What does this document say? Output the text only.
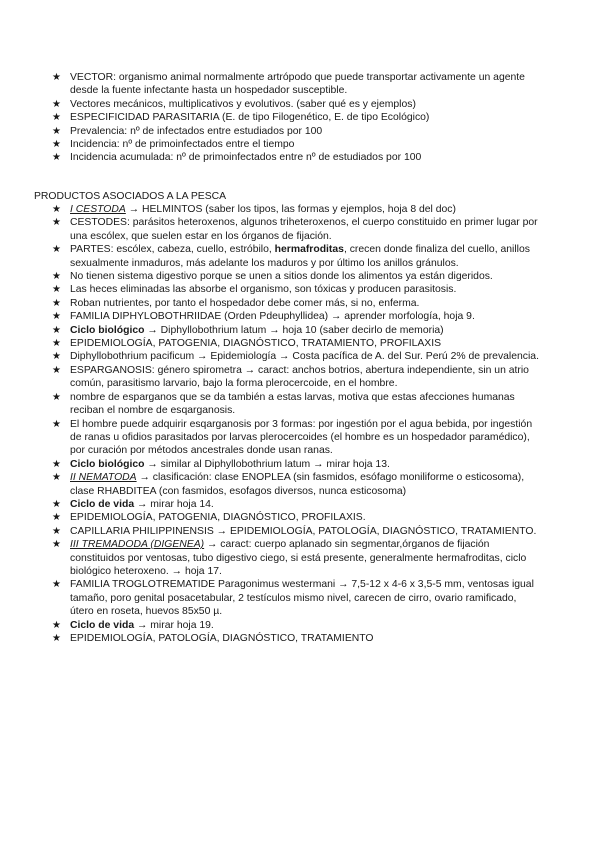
★ VECTOR: organismo animal normalmente artrópodo que puede transportar activamente un agente desde la fuente infectante hasta un hospedador susceptible.
★ Vectores mecánicos, multiplicativos y evolutivos. (saber qué es y ejemplos)
★ ESPECIFICIDAD PARASITARIA (E. de tipo Filogenético, E. de tipo Ecológico)
★ Prevalencia: nº de infectados entre estudiados por 100
★ Incidencia: nº de primoinfectados entre el tiempo
★ Incidencia acumulada: nº de primoinfectados entre nº de estudiados por 100
PRODUCTOS ASOCIADOS A LA PESCA
★ I CESTODA → HELMINTOS (saber los tipos, las formas y ejemplos, hoja 8 del doc)
★ CESTODES: parásitos heteroxenos, algunos triheteroxenos, el cuerpo constituido en primer lugar por una escólex, que suelen estar en los órganos de fijación.
★ PARTES: escólex, cabeza, cuello, estróbilo, hermafroditas, crecen donde finaliza del cuello, anillos sexualmente inmaduros, más adelante los maduros y por último los anillos gránulos.
★ No tienen sistema digestivo porque se unen a sitios donde los alimentos ya están digeridos.
★ Las heces eliminadas las absorbe el organismo, son tóxicas y producen parasitosis.
★ Roban nutrientes, por tanto el hospedador debe comer más, si no, enferma.
★ FAMILIA DIPHYLOBOTHRIIDAE (Orden Pdeuphyllidea) → aprender morfología, hoja 9.
★ Ciclo biológico → Diphyllobothrium latum → hoja 10 (saber decirlo de memoria)
★ EPIDEMIOLOGÍA, PATOGENIA, DIAGNÓSTICO, TRATAMIENTO, PROFILAXIS
★ Diphyllobothrium pacificum → Epidemiología → Costa pacífica de A. del Sur. Perú 2% de prevalencia.
★ ESPARGANOSIS: género spirometra → caract: anchos botrios, abertura independiente, sin un atrio común, parasitismo larvario, bajo la forma plerocercoide, en el hombre.
★ nombre de esparganos que se da también a estas larvas, motiva que estas afecciones humanas reciban el nombre de esqarganosis.
★ El hombre puede adquirir esqarganosis por 3 formas: por ingestión por el agua bebida, por ingestión de ranas u ofidios parasitados por larvas plerocercoides (el hombre es un hospedador paramédico), por curación por métodos ancestrales donde usan ranas.
★ Ciclo biológico → similar al Diphyllobothrium latum → mirar hoja 13.
★ II NEMATODA → clasificación: clase ENOPLEA (sin fasmidos, esófago moniliforme o esticosoma), clase RHABDITEA (con fasmidos, esofagos diversos, nunca esticosoma)
★ Ciclo de vida → mirar hoja 14.
★ EPIDEMIOLOGÍA, PATOGENIA, DIAGNÓSTICO, PROFILAXIS.
★ CAPILLARIA PHILIPPINENSIS → EPIDEMIOLOGÍA, PATOLOGÍA, DIAGNÓSTICO, TRATAMIENTO.
★ III TREMADODA (DIGENEA) → caract: cuerpo aplanado sin segmentar,órganos de fijación constituidos por ventosas, tubo digestivo ciego, si está presente, generalmente hermafroditas, ciclo biológico heteroxeno. → hoja 17.
★ FAMILIA TROGLOTREMATIDE Paragonimus westermani → 7,5-12 x 4-6 x 3,5-5 mm, ventosas igual tamaño, poro genital posacetabular, 2 testículos mismo nivel, carecen de cirro, ovario ramificado, útero en roseta, huevos 85x50 µ.
★ Ciclo de vida → mirar hoja 19.
★ EPIDEMIOLOGÍA, PATOLOGÍA, DIAGNÓSTICO, TRATAMIENTO
